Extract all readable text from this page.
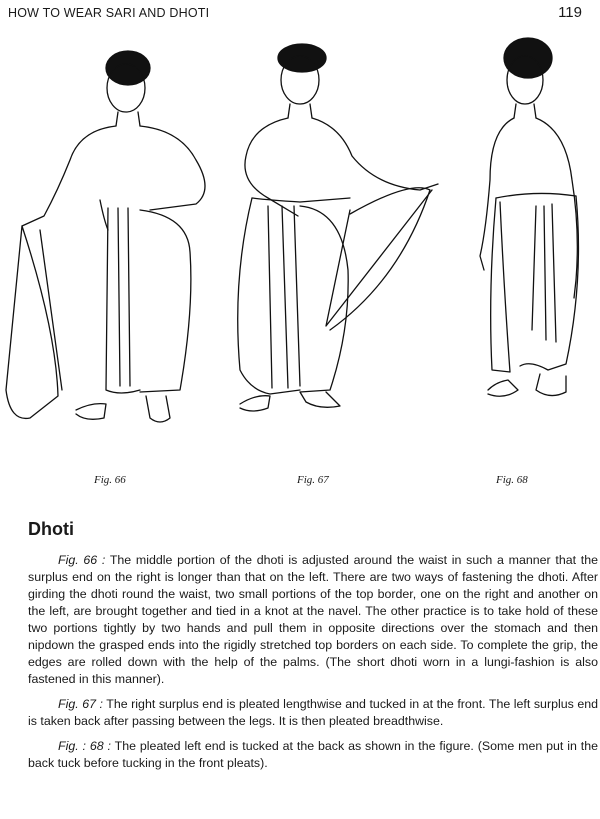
HOW TO WEAR SARI AND DHOTI	119
Fig. 66	Fig. 67	Fig. 68
Dhoti

Fig. 66 : The middle portion of the dhoti is adjusted around the waist in such a manner that the surplus end on the right is longer than that on the left. There are two ways of fastening the dhoti. After girding the dhoti round the waist, two small portions of the top border, one on the right and another on the left, are brought together and tied in a knot at the navel. The other practice is to take hold of these two portions tightly by two hands and pull them in opposite directions over the stomach and then nipdown the grasped ends into the rigidly stretched top borders on each side. To complete the grip, the edges are rolled down with the help of the palms. (The short dhoti worn in a lungi-fashion is also fastened in this manner).

Fig. 67 : The right surplus end is pleated lengthwise and tucked in at the front. The left surplus end is taken back after passing between the legs. It is then pleated breadthwise.

Fig. : 68 : The pleated left end is tucked at the back as shown in the figure. (Some men put in the back tuck before tucking in the front pleats).
